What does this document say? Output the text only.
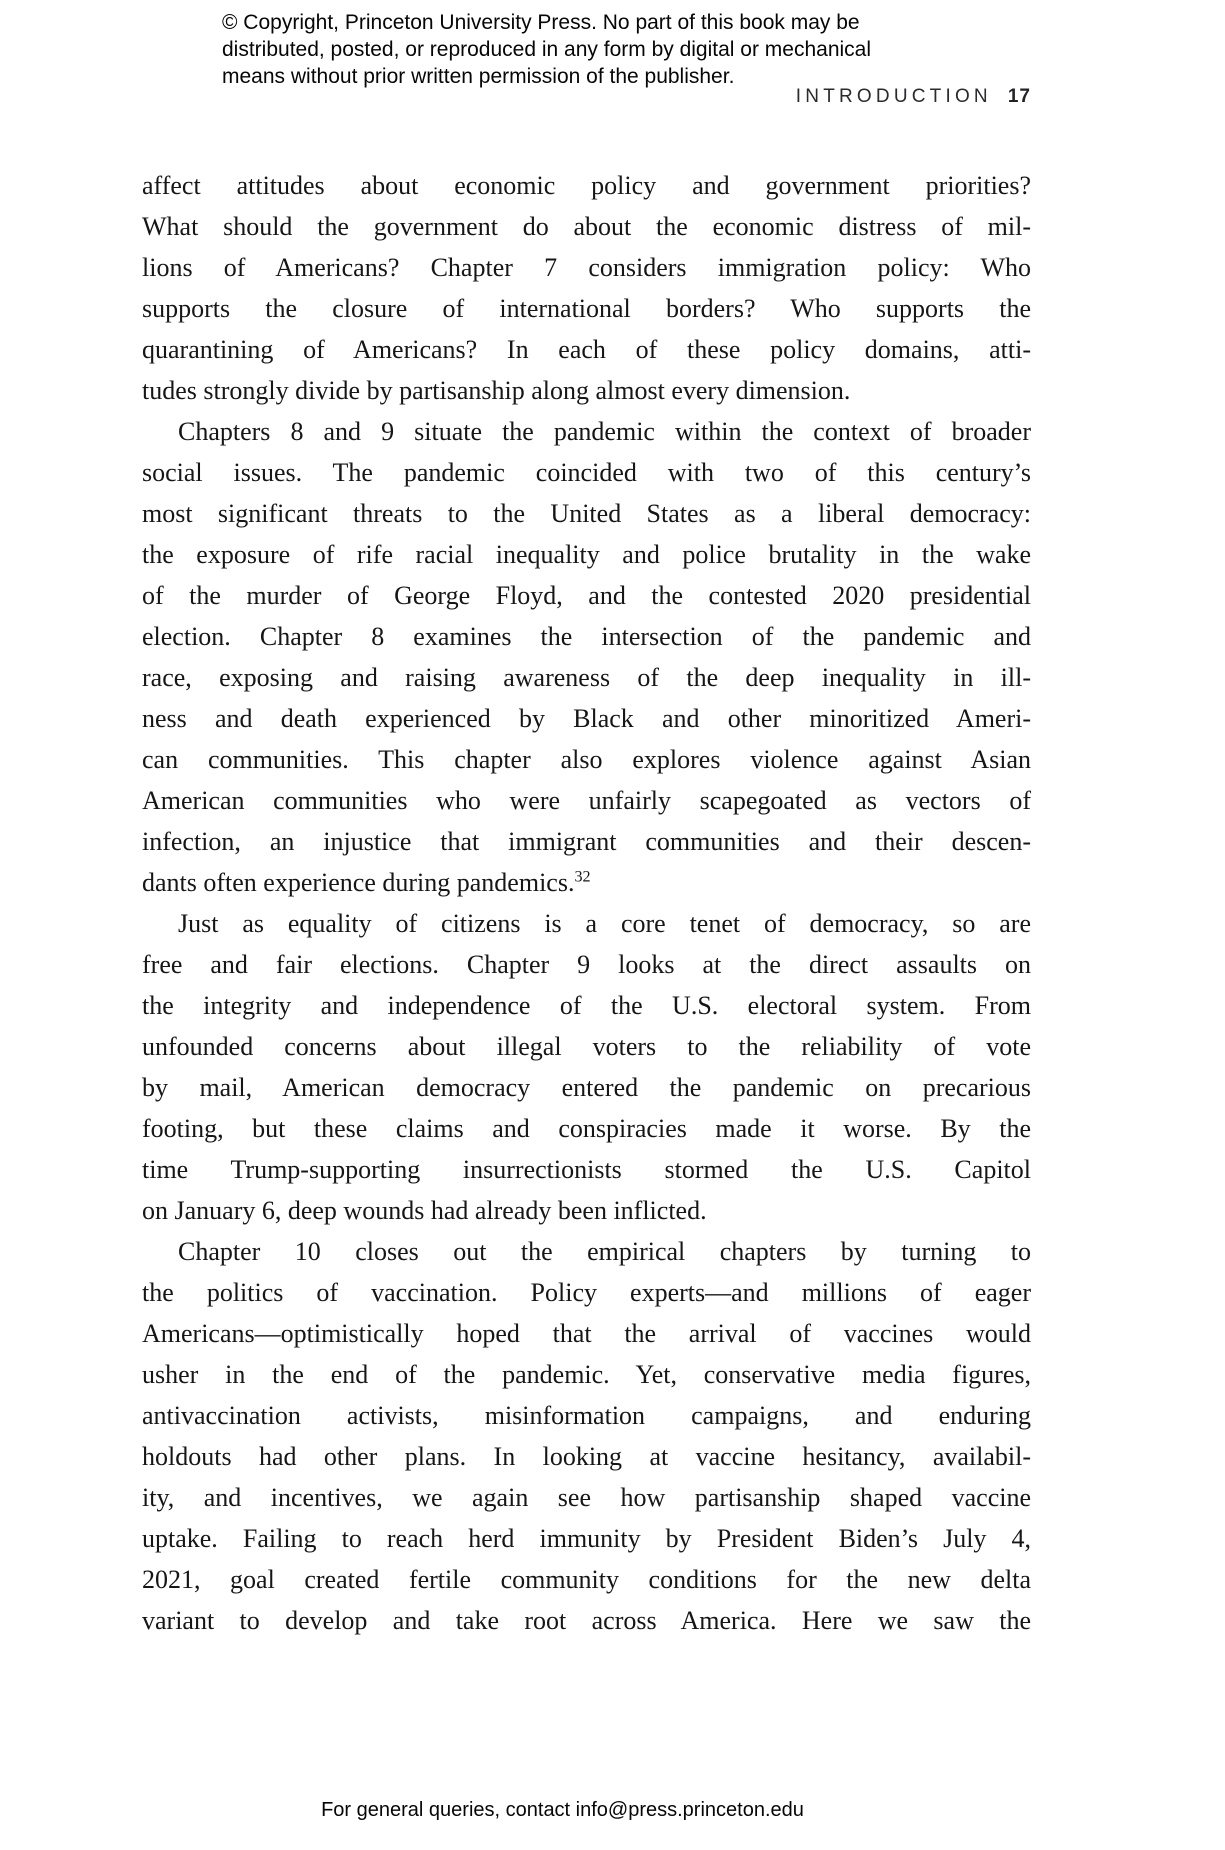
© Copyright, Princeton University Press. No part of this book may be
distributed, posted, or reproduced in any form by digital or mechanical
means without prior written permission of the publisher.
INTRODUCTION 17
affect attitudes about economic policy and government priorities?
What should the government do about the economic distress of mil-
lions of Americans? Chapter 7 considers immigration policy: Who
supports the closure of international borders? Who supports the
quarantining of Americans? In each of these policy domains, atti-
tudes strongly divide by partisanship along almost every dimension.
Chapters 8 and 9 situate the pandemic within the context of broader
social issues. The pandemic coincided with two of this century’s
most significant threats to the United States as a liberal democracy:
the exposure of rife racial inequality and police brutality in the wake
of the murder of George Floyd, and the contested 2020 presidential
election. Chapter 8 examines the intersection of the pandemic and
race, exposing and raising awareness of the deep inequality in ill-
ness and death experienced by Black and other minoritized Ameri-
can communities. This chapter also explores violence against Asian
American communities who were unfairly scapegoated as vectors of
infection, an injustice that immigrant communities and their descen-
dants often experience during pandemics.$^{32}$
Just as equality of citizens is a core tenet of democracy, so are
free and fair elections. Chapter 9 looks at the direct assaults on
the integrity and independence of the U.S. electoral system. From
unfounded concerns about illegal voters to the reliability of vote
by mail, American democracy entered the pandemic on precarious
footing, but these claims and conspiracies made it worse. By the
time Trump-supporting insurrectionists stormed the U.S. Capitol
on January 6, deep wounds had already been inflicted.
Chapter 10 closes out the empirical chapters by turning to
the politics of vaccination. Policy experts—and millions of eager
Americans—optimistically hoped that the arrival of vaccines would
usher in the end of the pandemic. Yet, conservative media figures,
antivaccination activists, misinformation campaigns, and enduring
holdouts had other plans. In looking at vaccine hesitancy, availabil-
ity, and incentives, we again see how partisanship shaped vaccine
uptake. Failing to reach herd immunity by President Biden’s July 4,
2021, goal created fertile community conditions for the new delta
variant to develop and take root across America. Here we saw the
For general queries, contact info@press.princeton.edu
